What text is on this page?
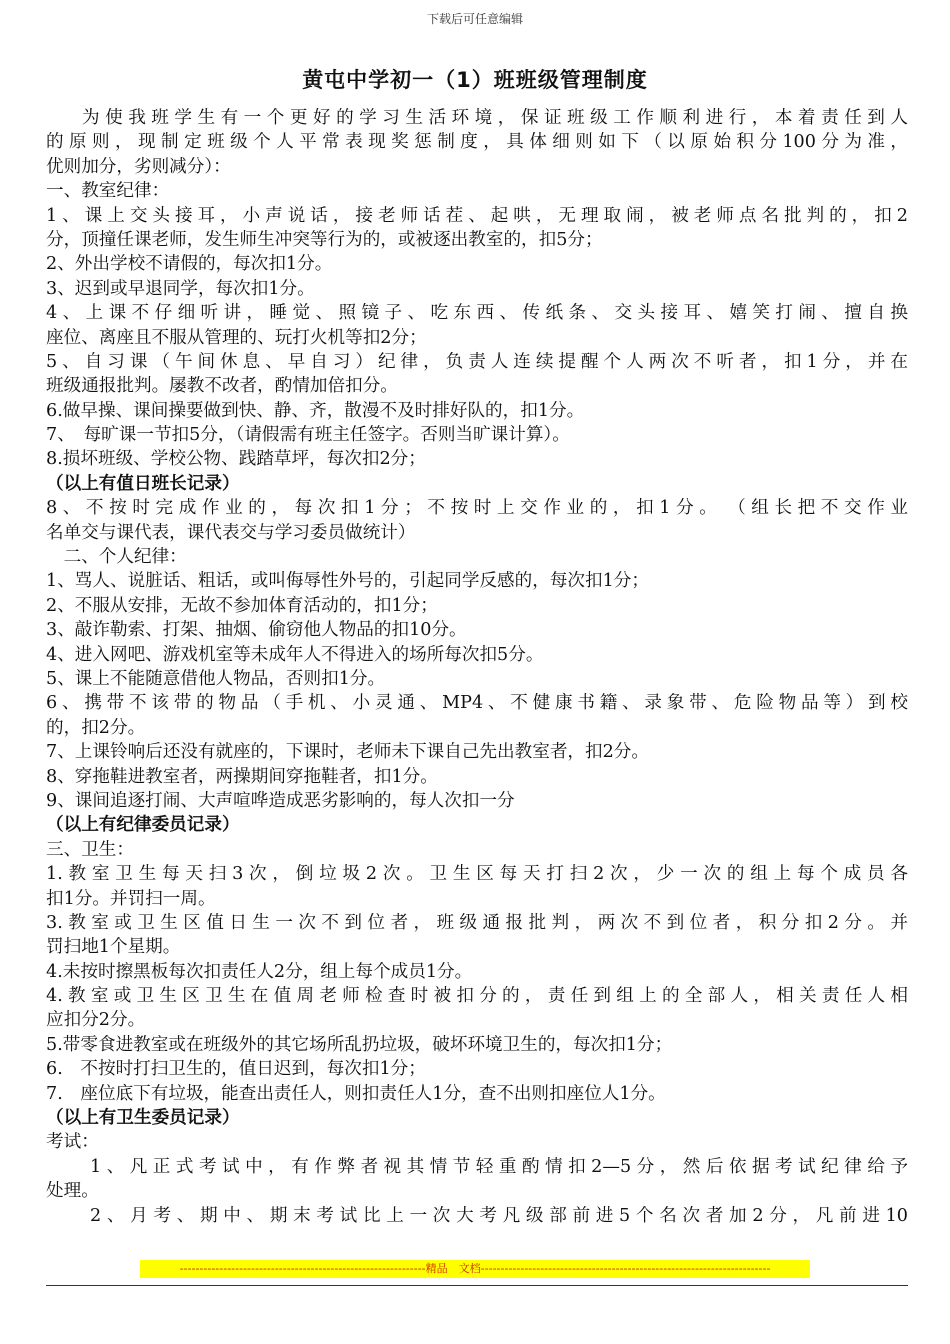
下载后可任意编辑
黄屯中学初一（1）班班级管理制度
为使我班学生有一个更好的学习生活环境，保证班级工作顺利进行，本着责任到人
的原则，现制定班级个人平常表现奖惩制度，具体细则如下（以原始积分100分为准，
优则加分，劣则减分）：
一、教室纪律：
1、课上交头接耳，小声说话，接老师话茬、起哄，无理取闹，被老师点名批判的，扣2
分，顶撞任课老师，发生师生冲突等行为的，或被逐出教室的，扣5分；
2、外出学校不请假的，每次扣1分。
3、迟到或早退同学，每次扣1分。
4、上课不仔细听讲，睡觉、照镜子、吃东西、传纸条、交头接耳、嬉笑打闹、擅自换
座位、离座且不服从管理的、玩打火机等扣2分；
5、自习课（午间休息、早自习）纪律，负责人连续提醒个人两次不听者，扣1分，并在
班级通报批判。屡教不改者，酌情加倍扣分。
6.做早操、课间操要做到快、静、齐，散漫不及时排好队的，扣1分。
7、　每旷课一节扣5分，（请假需有班主任签字。否则当旷课计算）。
8.损坏班级、学校公物、践踏草坪，每次扣2分；
（以上有值日班长记录）
8、不按时完成作业的，每次扣1分；不按时上交作业的，扣1分。　（组长把不交作业
名单交与课代表，课代表交与学习委员做统计）
　二、个人纪律：
1、骂人、说脏话、粗话，或叫侮辱性外号的，引起同学反感的，每次扣1分；
2、不服从安排，无故不参加体育活动的，扣1分；
3、敲诈勒索、打架、抽烟、偷窃他人物品的扣10分。
4、进入网吧、游戏机室等未成年人不得进入的场所每次扣5分。
5、课上不能随意借他人物品，否则扣1分。
6、携带不该带的物品（手机、小灵通、MP4、不健康书籍、录象带、危险物品等）到校
的，扣2分。
7、上课铃响后还没有就座的，下课时，老师未下课自己先出教室者，扣2分。
8、穿拖鞋进教室者，两操期间穿拖鞋者，扣1分。
9、课间追逐打闹、大声喧哗造成恶劣影响的，每人次扣一分
（以上有纪律委员记录）
三、卫生：
1.教室卫生每天扫3次，倒垃圾2次。卫生区每天打扫2次，少一次的组上每个成员各
扣1分。并罚扫一周。
3.教室或卫生区值日生一次不到位者，班级通报批判，两次不到位者，积分扣2分。并
罚扫地1个星期。
4.未按时擦黑板每次扣责任人2分，组上每个成员1分。
4.教室或卫生区卫生在值周老师检查时被扣分的，责任到组上的全部人，相关责任人相
应扣分2分。
5.带零食进教室或在班级外的其它场所乱扔垃圾，破坏环境卫生的，每次扣1分；
6.　不按时打扫卫生的，值日迟到，每次扣1分；
7.　座位底下有垃圾，能查出责任人，则扣责任人1分，查不出则扣座位人1分。
（以上有卫生委员记录）
考试：
1、凡正式考试中，有作弊者视其情节轻重酌情扣2—5分，然后依据考试纪律给予
处理。
2、月考、期中、期末考试比上一次大考凡级部前进5个名次者加2分，凡前进10
--------------------------------------------------------------精品　文档-------------------------------------------------------------------------
